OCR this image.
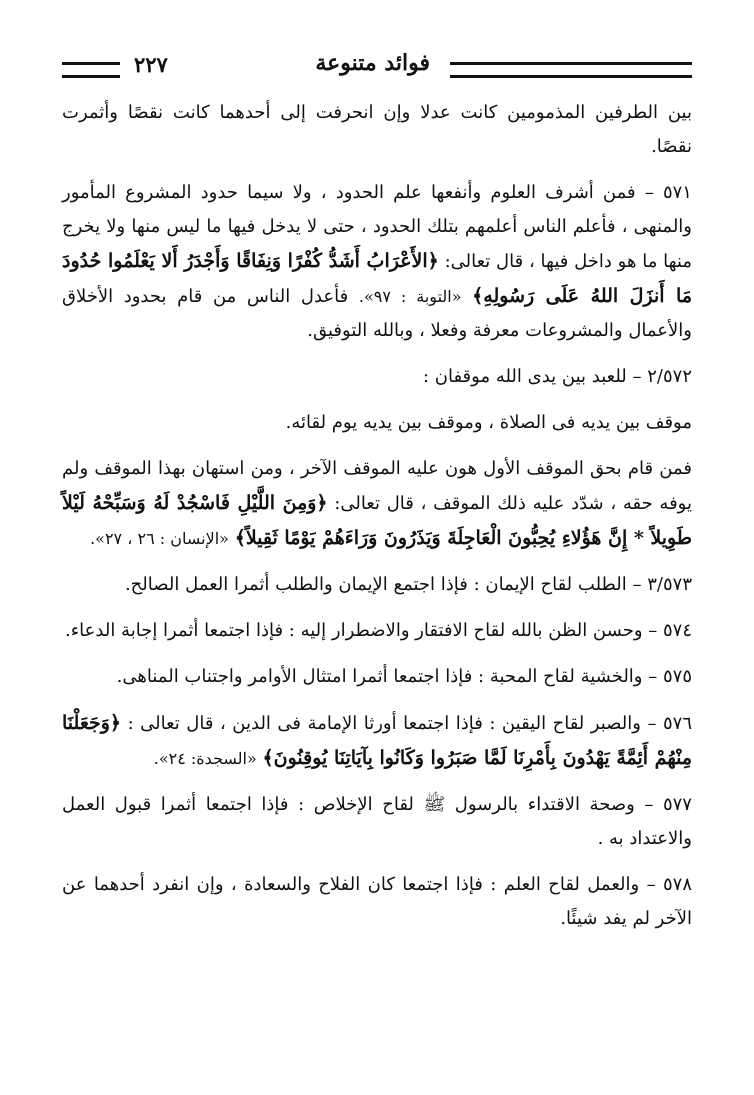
٢٢٧	فوائد متنوعة

بين الطرفين المذمومين كانت عدلا وإن انحرفت إلى أحدهما كانت نقصًا وأثمرت نقصًا.

٥٧١ – فمن أشرف العلوم وأنفعها علم الحدود ، ولا سيما حدود المشروع المأمور والمنهى ، فأعلم الناس أعلمهم بتلك الحدود ، حتى لا يدخل فيها ما ليس منها ولا يخرج منها ما هو داخل فيها ، قال تعالى: ﴿الأَعْرَابُ أَشَدُّ كُفْرًا وَنِفَاقًا وَأَجْدَرُ أَلا يَعْلَمُوا حُدُودَ مَا أَنزَلَ اللهُ عَلَى رَسُولِهِ﴾ «التوبة : ٩٧». فأعدل الناس من قام بحدود الأخلاق والأعمال والمشروعات معرفة وفعلا ، وبالله التوفيق.

٢/٥٧٢ – للعبد بين يدى الله موقفان :

موقف بين يديه فى الصلاة ، وموقف بين يديه يوم لقائه.

فمن قام بحق الموقف الأول هون عليه الموقف الآخر ، ومن استهان بهذا الموقف ولم يوفه حقه ، شدّد عليه ذلك الموقف ، قال تعالى: ﴿وَمِنَ اللَّيْلِ فَاسْجُدْ لَهُ وَسَبِّحْهُ لَيْلاً طَوِيلاً * إِنَّ هَؤُلاءِ يُحِبُّونَ الْعَاجِلَةَ وَيَذَرُونَ وَرَاءَهُمْ يَوْمًا ثَقِيلاً﴾ «الإنسان : ٢٦ ، ٢٧».

٣/٥٧٣ – الطلب لقاح الإيمان : فإذا اجتمع الإيمان والطلب أثمرا العمل الصالح.

٥٧٤ – وحسن الظن بالله لقاح الافتقار والاضطرار إليه : فإذا اجتمعا أثمرا إجابة الدعاء.

٥٧٥ – والخشية لقاح المحبة : فإذا اجتمعا أثمرا امتثال الأوامر واجتناب المناهى.

٥٧٦ – والصبر لقاح اليقين : فإذا اجتمعا أورثا الإمامة فى الدين ، قال تعالى : ﴿وَجَعَلْنَا مِنْهُمْ أَئِمَّةً يَهْدُونَ بِأَمْرِنَا لَمَّا صَبَرُوا وَكَانُوا بِآيَاتِنَا يُوقِنُونَ﴾ «السجدة: ٢٤».

٥٧٧ – وصحة الاقتداء بالرسول ﷺ لقاح الإخلاص : فإذا اجتمعا أثمرا قبول العمل والاعتداد به .

٥٧٨ – والعمل لقاح العلم : فإذا اجتمعا كان الفلاح والسعادة ، وإن انفرد أحدهما عن الآخر لم يفد شيئًا.
